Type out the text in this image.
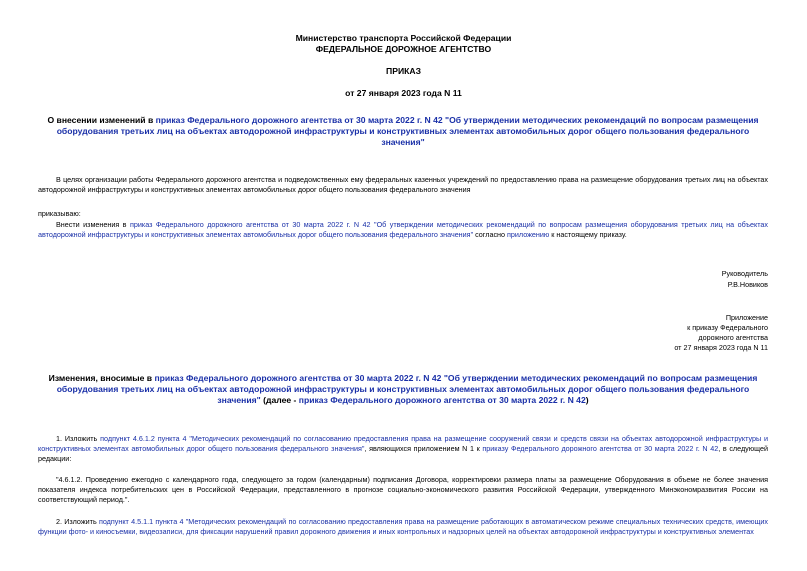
Министерство транспорта Российской Федерации
ФЕДЕРАЛЬНОЕ ДОРОЖНОЕ АГЕНТСТВО
ПРИКАЗ
от 27 января 2023 года N 11
О внесении изменений в приказ Федерального дорожного агентства от 30 марта 2022 г. N 42 "Об утверждении методических рекомендаций по вопросам размещения оборудования третьих лиц на объектах автодорожной инфраструктуры и конструктивных элементах автомобильных дорог общего пользования федерального значения"
В целях организации работы Федерального дорожного агентства и подведомственных ему федеральных казенных учреждений по предоставлению права на размещение оборудования третьих лиц на объектах автодорожной инфраструктуры и конструктивных элементах автомобильных дорог общего пользования федерального значения
приказываю:
Внести изменения в приказ Федерального дорожного агентства от 30 марта 2022 г. N 42 "Об утверждении методических рекомендаций по вопросам размещения оборудования третьих лиц на объектах автодорожной инфраструктуры и конструктивных элементах автомобильных дорог общего пользования федерального значения" согласно приложению к настоящему приказу.
Руководитель
Р.В.Новиков
Приложение
к приказу Федерального
дорожного агентства
от 27 января 2023 года N 11
Изменения, вносимые в приказ Федерального дорожного агентства от 30 марта 2022 г. N 42 "Об утверждении методических рекомендаций по вопросам размещения оборудования третьих лиц на объектах автодорожной инфраструктуры и конструктивных элементах автомобильных дорог общего пользования федерального значения" (далее - приказ Федерального дорожного агентства от 30 марта 2022 г. N 42)
1. Изложить подпункт 4.6.1.2 пункта 4 "Методических рекомендаций по согласованию предоставления права на размещение сооружений связи и средств связи на объектах автодорожной инфраструктуры и конструктивных элементах автомобильных дорог общего пользования федерального значения", являющихся приложением N 1 к приказу Федерального дорожного агентства от 30 марта 2022 г. N 42, в следующей редакции:
"4.6.1.2. Проведению ежегодно с календарного года, следующего за годом (календарным) подписания Договора, корректировки размера платы за размещение Оборудования в объеме не более значения показателя индекса потребительских цен в Российской Федерации, представленного в прогнозе социально-экономического развития Российской Федерации, утвержденного Минэкономразвития России на соответствующий период.".
2. Изложить подпункт 4.5.1.1 пункта 4 "Методических рекомендаций по согласованию предоставления права на размещение работающих в автоматическом режиме специальных технических средств, имеющих функции фото- и киносъемки, видеозаписи, для фиксации нарушений правил дорожного движения и иных контрольных и надзорных целей на объектах автодорожной инфраструктуры и конструктивных элементах
